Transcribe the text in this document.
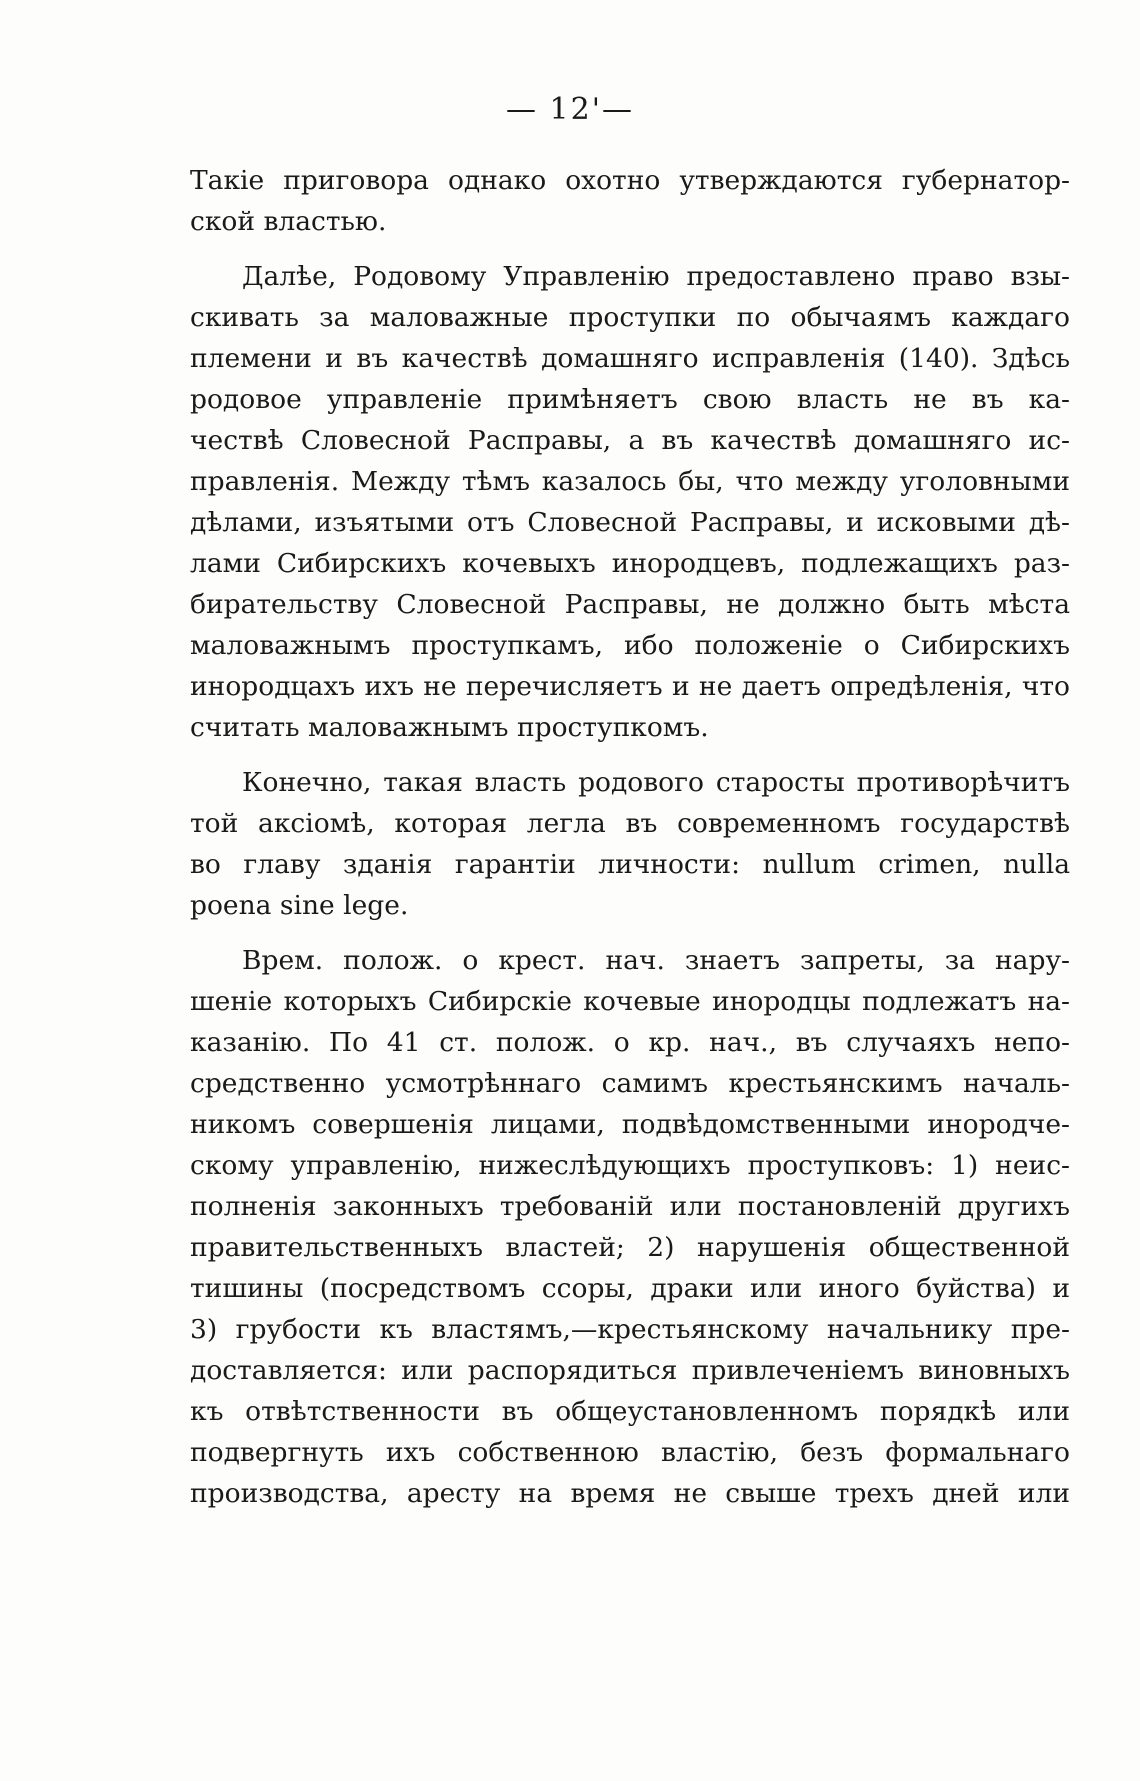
— 12'—
Такіе приговора однако охотно утверждаются губернатор-
ской властью.
Далѣе, Родовому Управленію предоставлено право взы-
скивать за маловажные проступки по обычаямъ каждаго
племени и въ качествѣ домашняго исправленія (140). Здѣсь
родовое управленіе примѣняетъ свою власть не въ ка-
чествѣ Словесной Расправы, а въ качествѣ домашняго ис-
правленія. Между тѣмъ казалось бы, что между уголовными
дѣлами, изъятыми отъ Словесной Расправы, и исковыми дѣ-
лами Сибирскихъ кочевыхъ инородцевъ, подлежащихъ раз-
бирательству Словесной Расправы, не должно быть мѣста
маловажнымъ проступкамъ, ибо положеніе о Сибирскихъ
инородцахъ ихъ не перечисляетъ и не даетъ опредѣленія, что
считать маловажнымъ проступкомъ.
Конечно, такая власть родового старосты противорѣчитъ
той аксіомѣ, которая легла въ современномъ государствѣ
во главу зданія гарантіи личности: nullum crimen, nulla
poena sine lege.
Врем. полож. о крест. нач. знаетъ запреты, за нару-
шеніе которыхъ Сибирскіе кочевые инородцы подлежатъ на-
казанію. По 41 ст. полож. о кр. нач., въ случаяхъ непо-
средственно усмотрѣннаго самимъ крестьянскимъ началь-
никомъ совершенія лицами, подвѣдомственными инородче-
скому управленію, нижеслѣдующихъ проступковъ: 1) неис-
полненія законныхъ требованій или постановленій другихъ
правительственныхъ властей; 2) нарушенія общественной
тишины (посредствомъ ссоры, драки или иного буйства) и
3) грубости къ властямъ,—крестьянскому начальнику пре-
доставляется: или распорядиться привлеченіемъ виновныхъ
къ отвѣтственности въ общеустановленномъ порядкѣ или
подвергнуть ихъ собственною властію, безъ формальнаго
производства, аресту на время не свыше трехъ дней или
